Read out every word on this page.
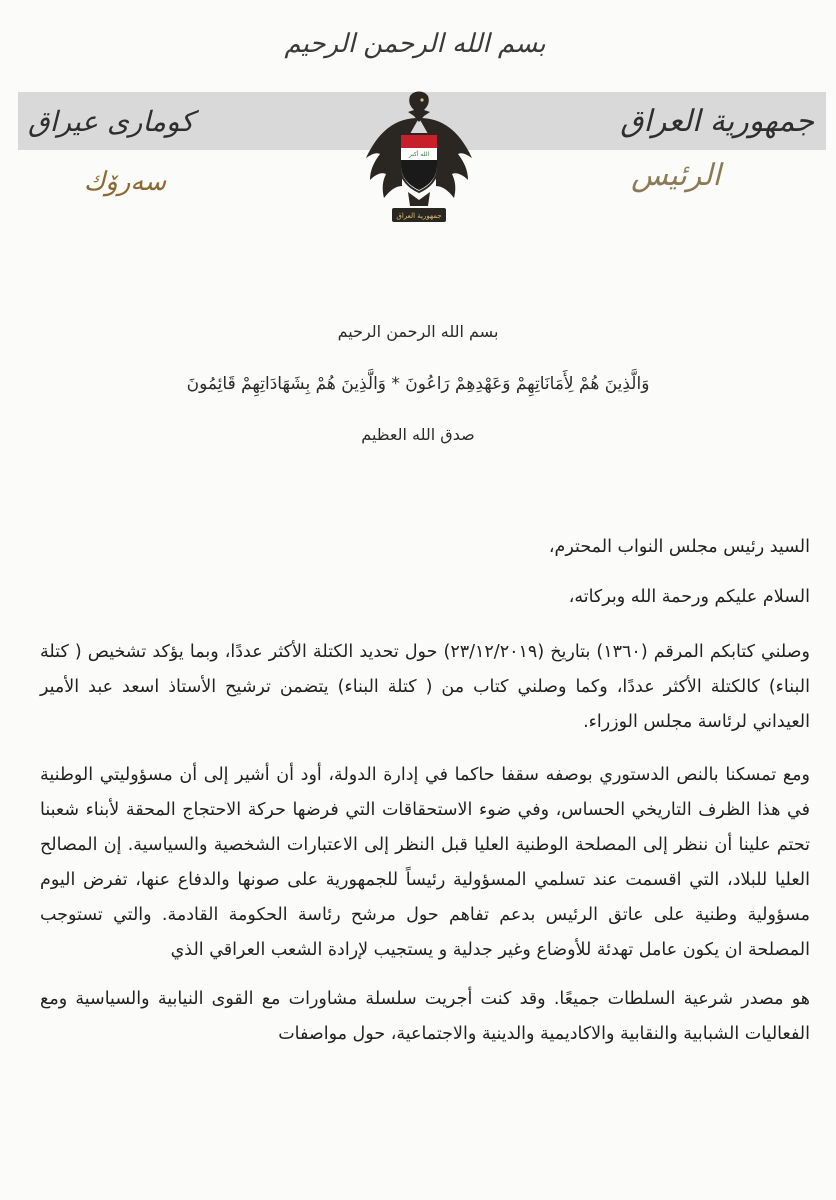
بسم الله الرحمن الرحيم
جمهورية العراق
كوماری عیراق
الرئيس
سەرۆك
الله أكبر
جمهورية العراق
بسم الله الرحمن الرحيم
وَالَّذِينَ هُمْ لِأَمَانَاتِهِمْ وَعَهْدِهِمْ رَاعُونَ * وَالَّذِينَ هُمْ بِشَهَادَاتِهِمْ قَائِمُونَ
صدق الله العظيم

السيد رئيس مجلس النواب المحترم،

السلام عليكم ورحمة الله وبركاته،

وصلني كتابكم المرقم (١٣٦٠) بتاريخ (٢٣/١٢/٢٠١٩) حول تحديد الكتلة الأكثر عددًا، وبما يؤكد تشخيص ( كتلة البناء) كالكتلة الأكثر عددًا، وكما وصلني كتاب من ( كتلة البناء) يتضمن ترشيح الأستاذ اسعد عبد الأمير العيداني لرئاسة مجلس الوزراء.

ومع تمسكنا بالنص الدستوري بوصفه سقفا حاكما في إدارة الدولة، أود أن أشير إلى أن مسؤوليتي الوطنية في هذا الظرف التاريخي الحساس، وفي ضوء الاستحقاقات التي فرضها حركة الاحتجاج المحقة لأبناء شعبنا تحتم علينا أن ننظر إلى المصلحة الوطنية العليا قبل النظر إلى الاعتبارات الشخصية والسياسية. إن المصالح العليا للبلاد، التي اقسمت عند تسلمي المسؤولية رئيساً للجمهورية على صونها والدفاع عنها، تفرض اليوم مسؤولية وطنية على عاتق الرئيس بدعم تفاهم حول مرشح رئاسة الحكومة القادمة. والتي تستوجب المصلحة ان يكون عامل تهدئة للأوضاع وغير جدلية و يستجيب لإرادة الشعب العراقي الذي

هو مصدر شرعية السلطات جميعًا. وقد كنت أجريت سلسلة مشاورات مع القوى النيابية والسياسية ومع الفعاليات الشبابية والنقابية والاكاديمية والدينية والاجتماعية، حول مواصفات
